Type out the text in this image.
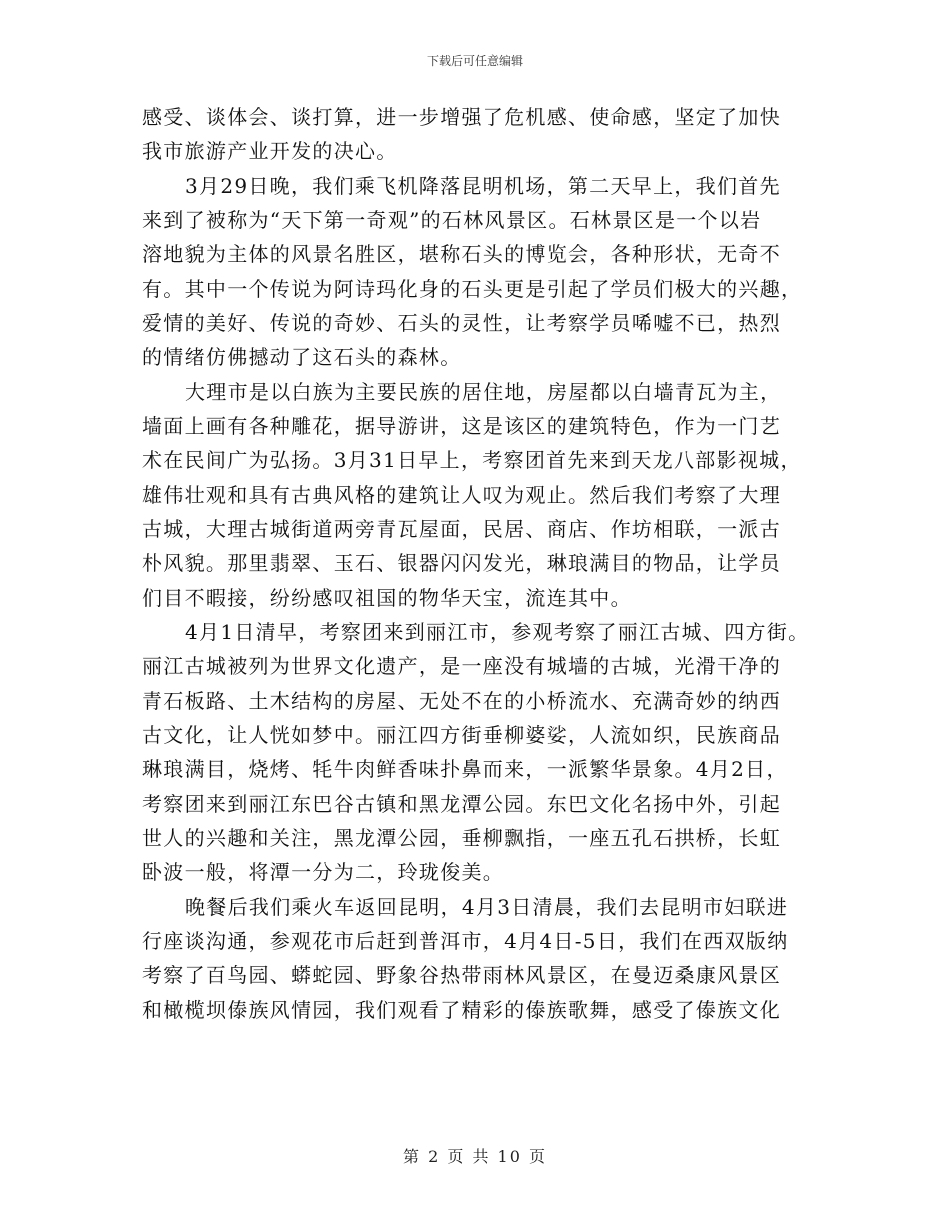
下载后可任意编辑
感受、谈体会、谈打算，进一步增强了危机感、使命感，坚定了加快
我市旅游产业开发的决心。
3月29日晚，我们乘飞机降落昆明机场，第二天早上，我们首先
来到了被称为“天下第一奇观”的石林风景区。石林景区是一个以岩
溶地貌为主体的风景名胜区，堪称石头的博览会，各种形状，无奇不
有。其中一个传说为阿诗玛化身的石头更是引起了学员们极大的兴趣，
爱情的美好、传说的奇妙、石头的灵性，让考察学员唏嘘不已，热烈
的情绪仿佛撼动了这石头的森林。
大理市是以白族为主要民族的居住地，房屋都以白墙青瓦为主，
墙面上画有各种雕花，据导游讲，这是该区的建筑特色，作为一门艺
术在民间广为弘扬。3月31日早上，考察团首先来到天龙八部影视城，
雄伟壮观和具有古典风格的建筑让人叹为观止。然后我们考察了大理
古城，大理古城街道两旁青瓦屋面，民居、商店、作坊相联，一派古
朴风貌。那里翡翠、玉石、银器闪闪发光，琳琅满目的物品，让学员
们目不暇接，纷纷感叹祖国的物华天宝，流连其中。
4月1日清早，考察团来到丽江市，参观考察了丽江古城、四方街。
丽江古城被列为世界文化遗产，是一座没有城墙的古城，光滑干净的
青石板路、土木结构的房屋、无处不在的小桥流水、充满奇妙的纳西
古文化，让人恍如梦中。丽江四方街垂柳婆娑，人流如织，民族商品
琳琅满目，烧烤、牦牛肉鲜香味扑鼻而来，一派繁华景象。4月2日，
考察团来到丽江东巴谷古镇和黑龙潭公园。东巴文化名扬中外，引起
世人的兴趣和关注，黑龙潭公园，垂柳飘指，一座五孔石拱桥，长虹
卧波一般，将潭一分为二，玲珑俊美。
晚餐后我们乘火车返回昆明，4月3日清晨，我们去昆明市妇联进
行座谈沟通，参观花市后赶到普洱市，4月4日-5日，我们在西双版纳
考察了百鸟园、蟒蛇园、野象谷热带雨林风景区，在曼迈桑康风景区
和橄榄坝傣族风情园，我们观看了精彩的傣族歌舞，感受了傣族文化
第 2 页 共 10 页
